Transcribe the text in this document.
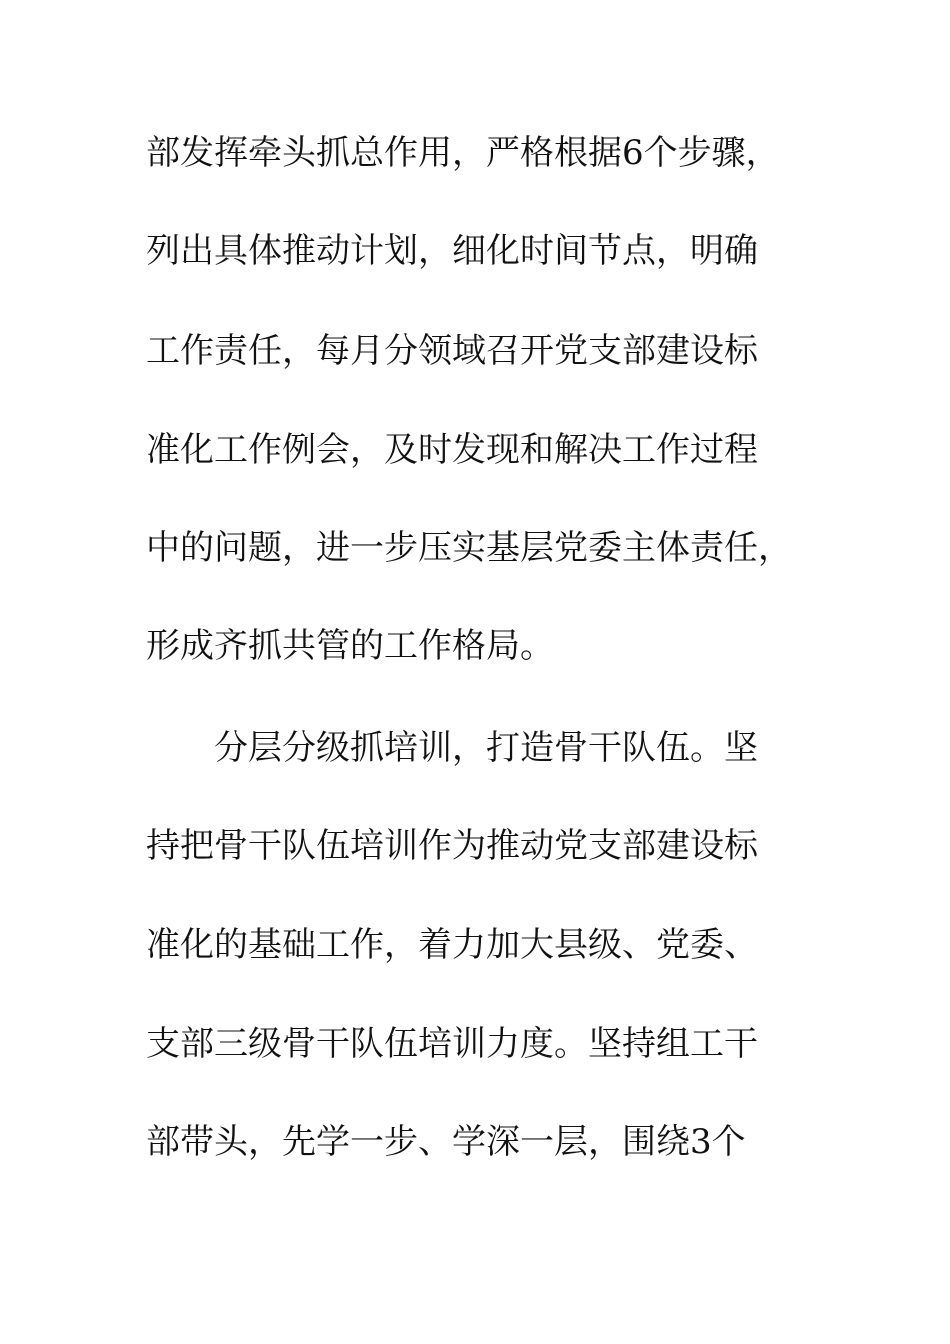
部发挥牵头抓总作用，严格根据6个步骤，
列出具体推动计划，细化时间节点，明确
工作责任，每月分领域召开党支部建设标
准化工作例会，及时发现和解决工作过程
中的问题，进一步压实基层党委主体责任，
形成齐抓共管的工作格局。
分层分级抓培训，打造骨干队伍。坚
持把骨干队伍培训作为推动党支部建设标
准化的基础工作，着力加大县级、党委、
支部三级骨干队伍培训力度。坚持组工干
部带头，先学一步、学深一层，围绕3个
